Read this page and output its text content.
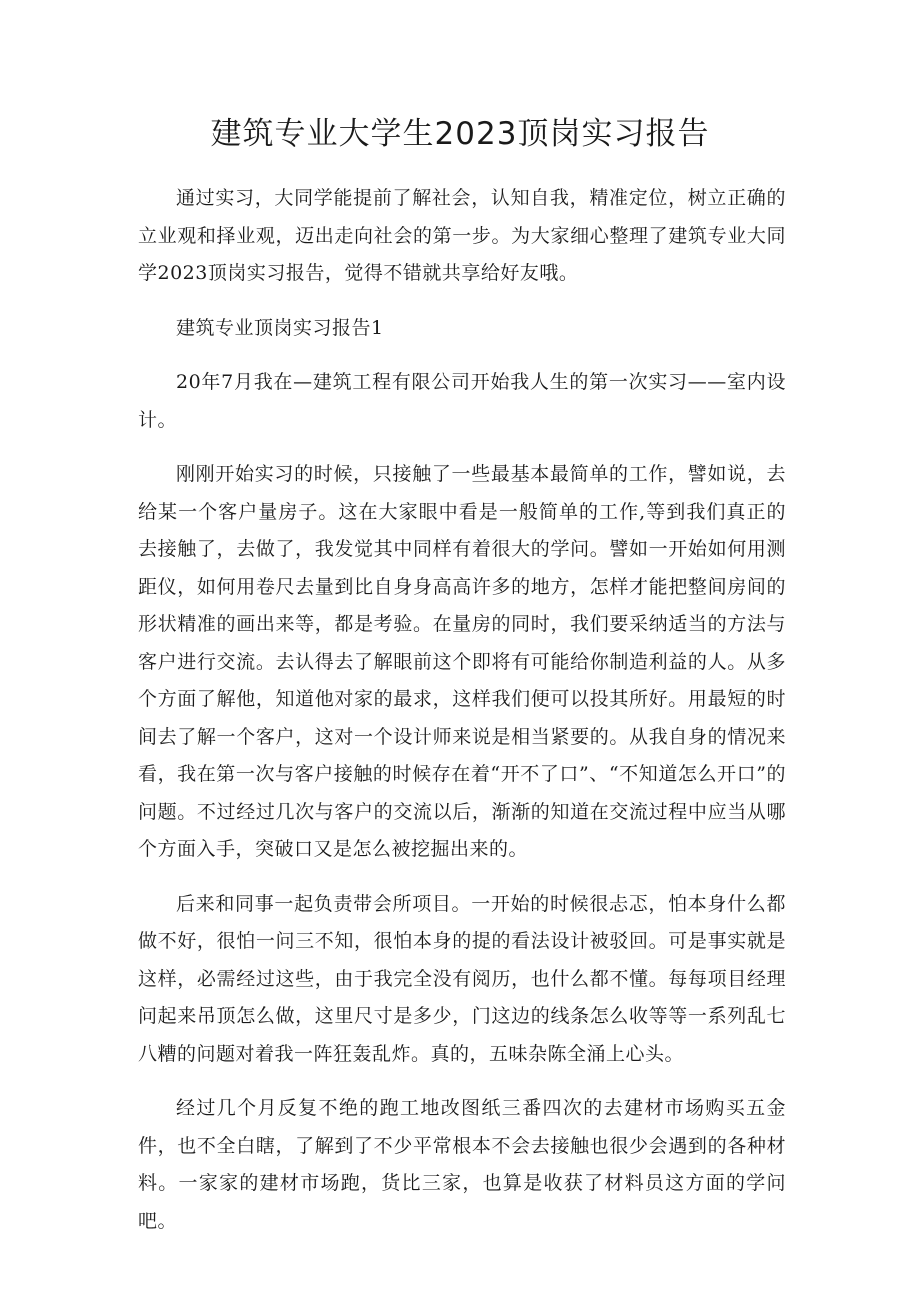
建筑专业大学生2023顶岗实习报告

通过实习，大同学能提前了解社会，认知自我，精准定位，树立正确的立业观和择业观，迈出走向社会的第一步。为大家细心整理了建筑专业大同学2023顶岗实习报告，觉得不错就共享给好友哦。

建筑专业顶岗实习报告1

20年7月我在—建筑工程有限公司开始我人生的第一次实习——室内设计。

刚刚开始实习的时候，只接触了一些最基本最简单的工作，譬如说，去给某一个客户量房子。这在大家眼中看是一般简单的工作,等到我们真正的去接触了，去做了，我发觉其中同样有着很大的学问。譬如一开始如何用测距仪，如何用卷尺去量到比自身身高高许多的地方，怎样才能把整间房间的形状精准的画出来等，都是考验。在量房的同时，我们要采纳适当的方法与客户进行交流。去认得去了解眼前这个即将有可能给你制造利益的人。从多个方面了解他，知道他对家的最求，这样我们便可以投其所好。用最短的时间去了解一个客户，这对一个设计师来说是相当紧要的。从我自身的情况来看，我在第一次与客户接触的时候存在着“开不了口”、“不知道怎么开口”的问题。不过经过几次与客户的交流以后，渐渐的知道在交流过程中应当从哪个方面入手，突破口又是怎么被挖掘出来的。

后来和同事一起负责带会所项目。一开始的时候很忐忑，怕本身什么都做不好，很怕一问三不知，很怕本身的提的看法设计被驳回。可是事实就是这样，必需经过这些，由于我完全没有阅历，也什么都不懂。每每项目经理问起来吊顶怎么做，这里尺寸是多少，门这边的线条怎么收等等一系列乱七八糟的问题对着我一阵狂轰乱炸。真的，五味杂陈全涌上心头。

经过几个月反复不绝的跑工地改图纸三番四次的去建材市场购买五金件，也不全白瞎，了解到了不少平常根本不会去接触也很少会遇到的各种材料。一家家的建材市场跑，货比三家，也算是收获了材料员这方面的学问吧。
